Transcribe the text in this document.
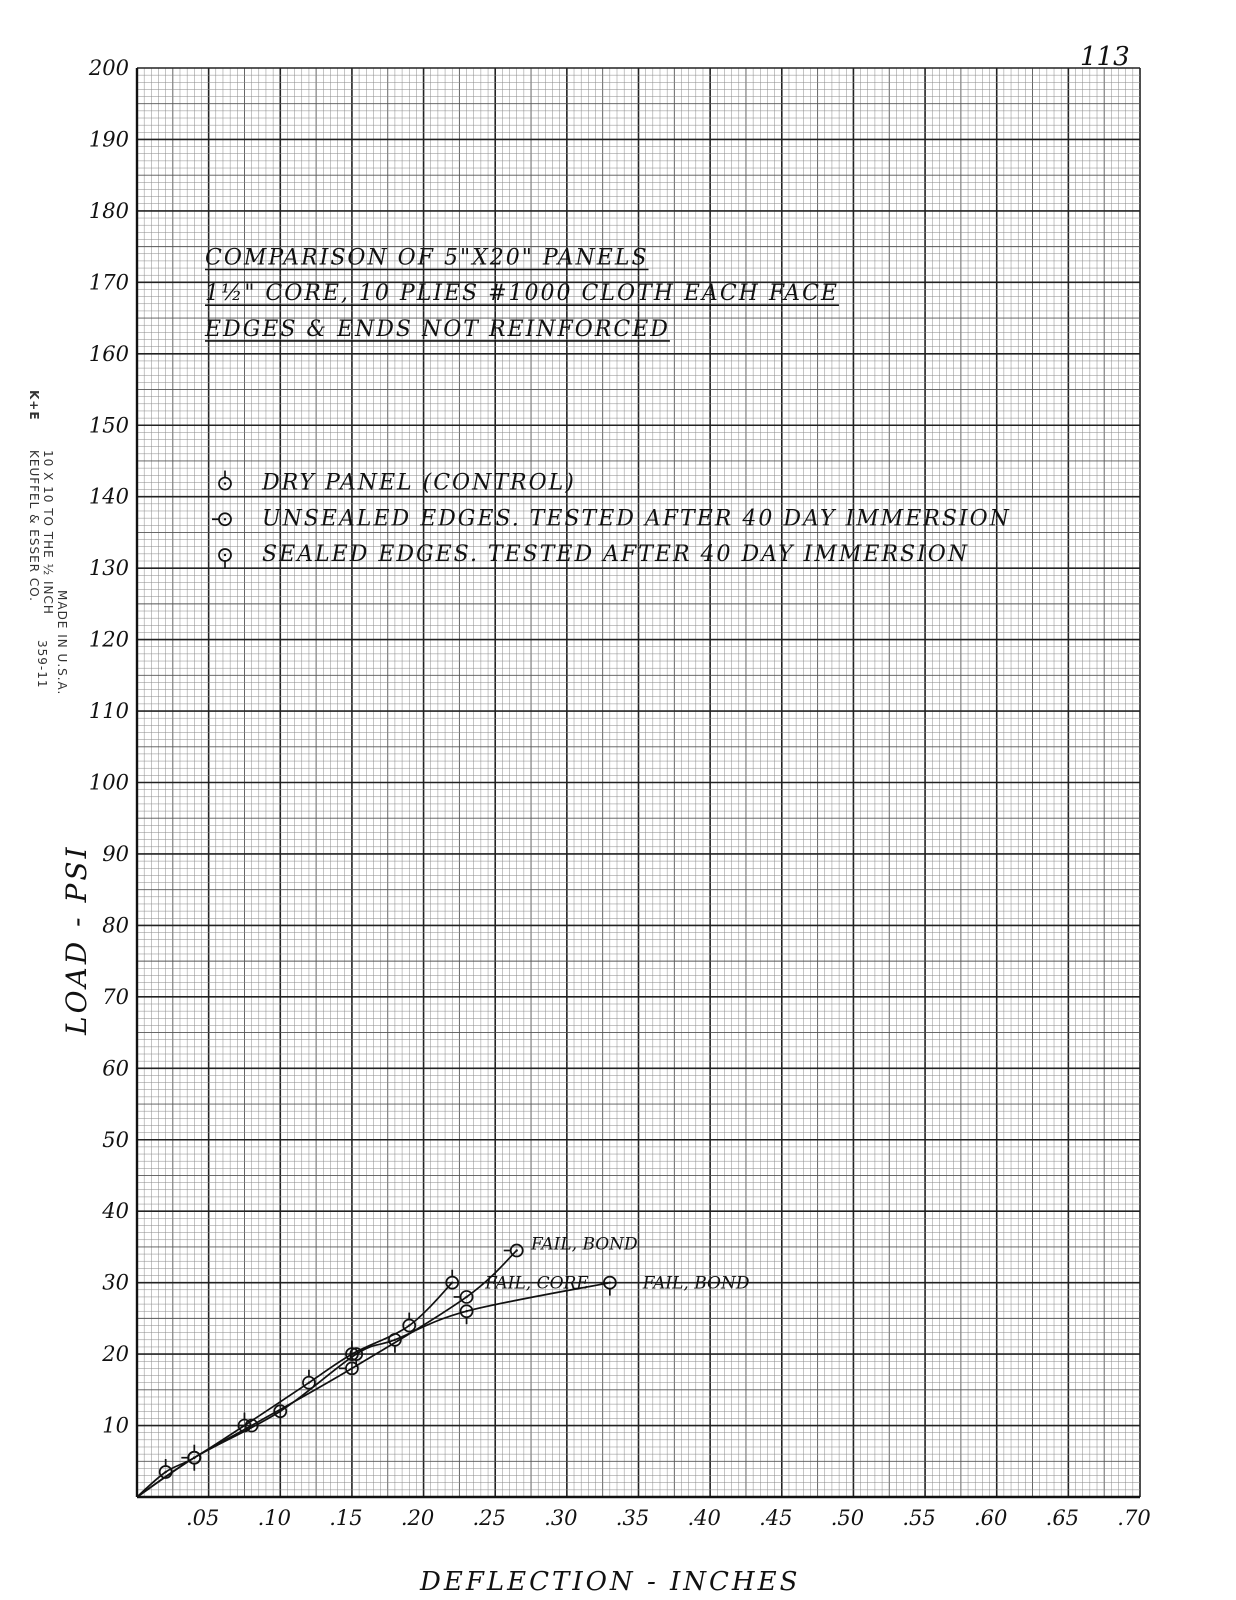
10
20
30
40
50
60
70
80
90
100
110
120
130
140
150
160
170
180
190
200
.05 .10 .15 .20 .25 .30 .35 .40 .45 .50 .55 .60 .65 .70
FAIL, BOND
FAIL, CORE	FAIL, BOND
DRY PANEL (CONTROL)
UNSEALED EDGES. TESTED AFTER 40 DAY IMMERSION
SEALED EDGES. TESTED AFTER 40 DAY IMMERSION
COMPARISON OF 5"X20" PANELS
1½" CORE, 10 PLIES #1000 CLOTH EACH FACE
EDGES & ENDS NOT REINFORCED
113
DEFLECTION - INCHES
LOAD - PSI
K+E
KEUFFEL & ESSER CO. 10 X 10 TO THE ½ INCH
359-11 MADE IN U.S.A.
